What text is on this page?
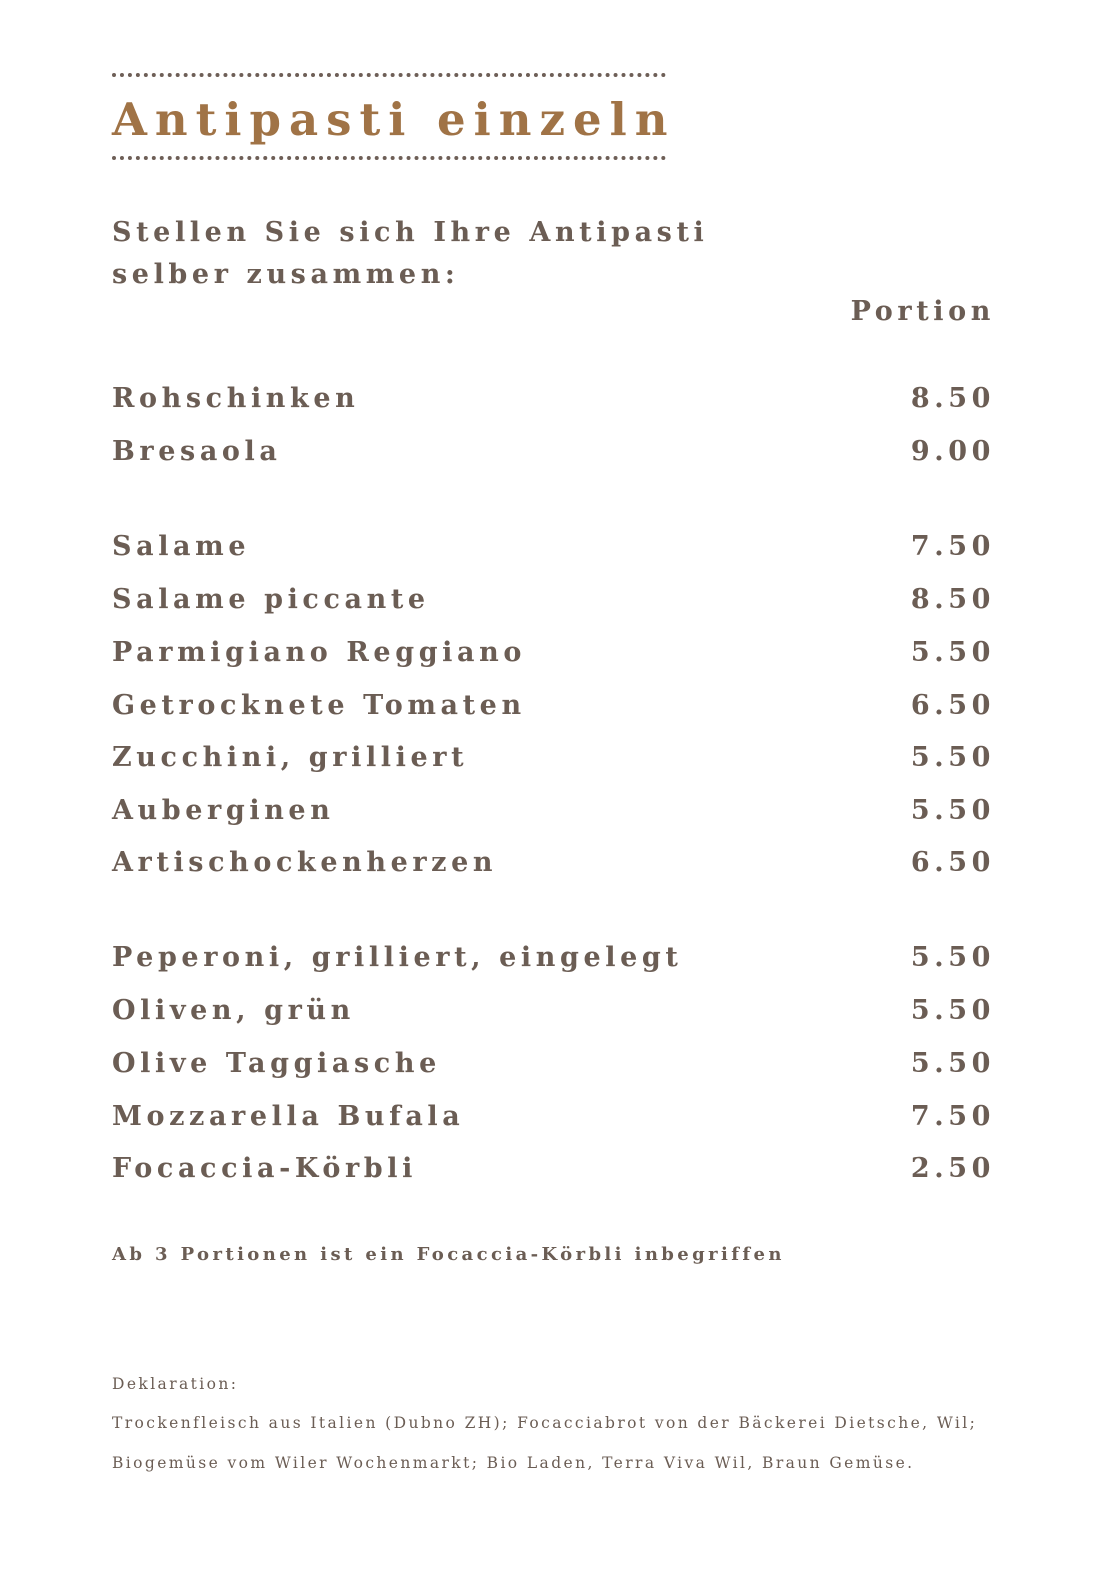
Antipasti einzeln
Stellen Sie sich Ihre Antipasti
selber zusammen:
Portion
Rohschinken	8.50
Bresaola	9.00
Salame	7.50
Salame piccante	8.50
Parmigiano Reggiano	5.50
Getrocknete Tomaten	6.50
Zucchini, grilliert	5.50
Auberginen	5.50
Artischockenherzen	6.50
Peperoni, grilliert, eingelegt	5.50
Oliven, grün	5.50
Olive Taggiasche	5.50
Mozzarella Bufala	7.50
Focaccia-Körbli	2.50
Ab 3 Portionen ist ein Focaccia-Körbli inbegriffen
Deklaration:
Trockenfleisch aus Italien (Dubno ZH); Focacciabrot von der Bäckerei Dietsche, Wil;
Biogemüse vom Wiler Wochenmarkt; Bio Laden, Terra Viva Wil, Braun Gemüse.
